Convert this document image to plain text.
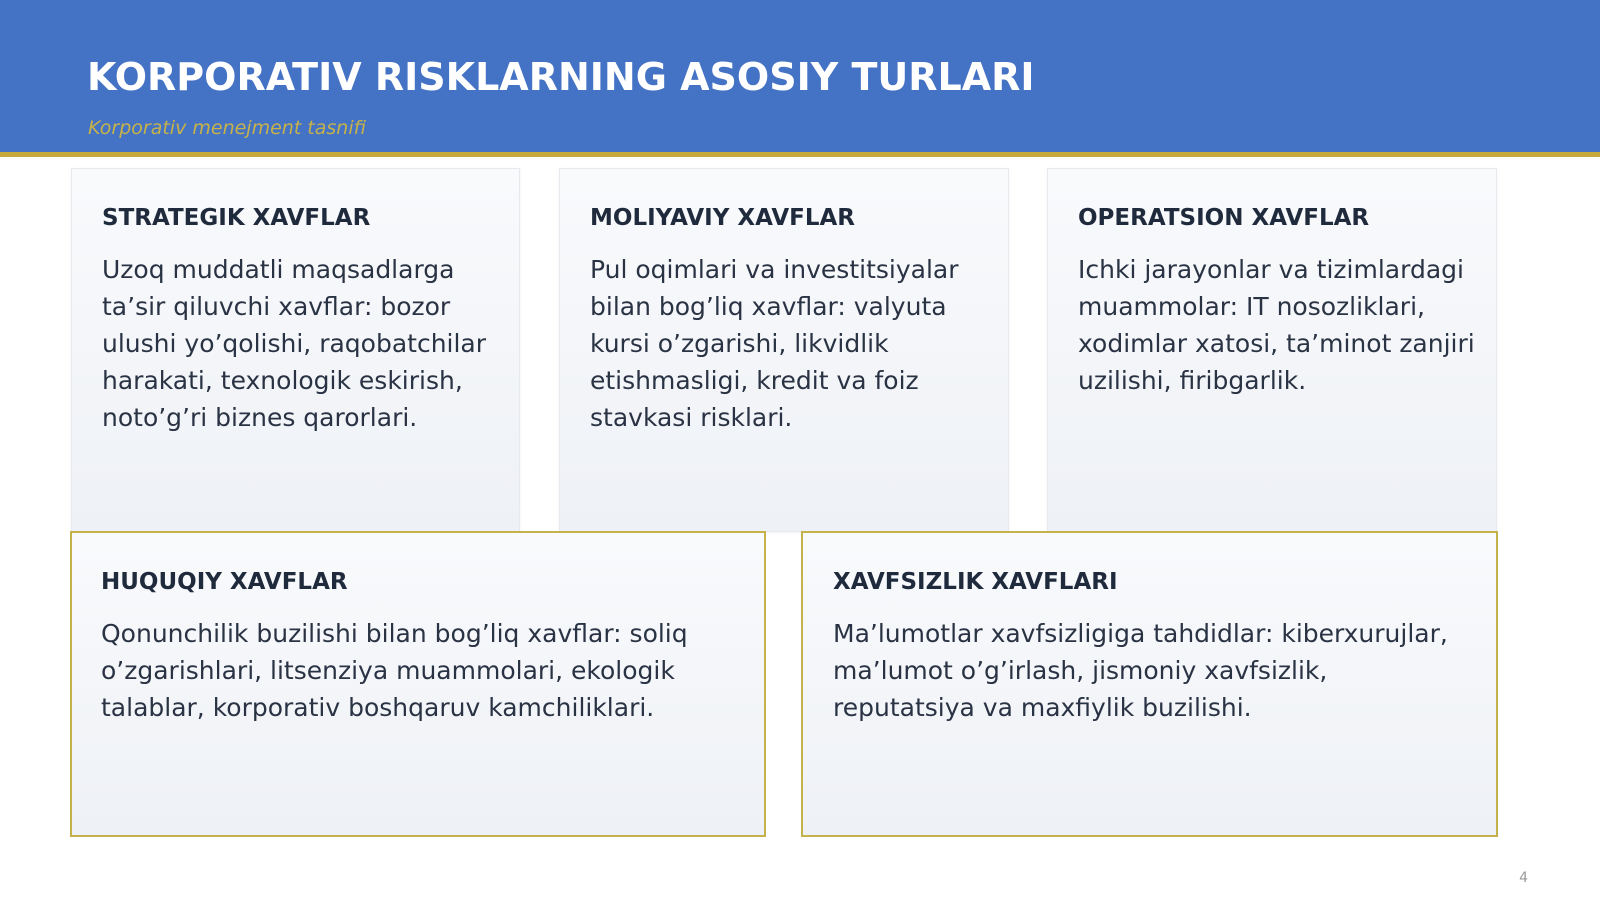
KORPORATIV RISKLARNING ASOSIY TURLARI
Korporativ menejment tasnifi
STRATEGIK XAVFLAR
Uzoq muddatli maqsadlarga ta’sir qiluvchi xavflar: bozor ulushi yo’qolishi, raqobatchilar harakati, texnologik eskirish, noto’g’ri biznes qarorlari.
MOLIYAVIY XAVFLAR
Pul oqimlari va investitsiyalar bilan bog’liq xavflar: valyuta kursi o’zgarishi, likvidlik etishmasligi, kredit va foiz stavkasi risklari.
OPERATSION XAVFLAR
Ichki jarayonlar va tizimlardagi muammolar: IT nosozliklari, xodimlar xatosi, ta’minot zanjiri uzilishi, firibgarlik.
HUQUQIY XAVFLAR
Qonunchilik buzilishi bilan bog’liq xavflar: soliq o’zgarishlari, litsenziya muammolari, ekologik talablar, korporativ boshqaruv kamchiliklari.
XAVFSIZLIK XAVFLARI
Ma’lumotlar xavfsizligiga tahdidlar: kiberxurujlar, ma’lumot o’g’irlash, jismoniy xavfsizlik, reputatsiya va maxfiylik buzilishi.
4
